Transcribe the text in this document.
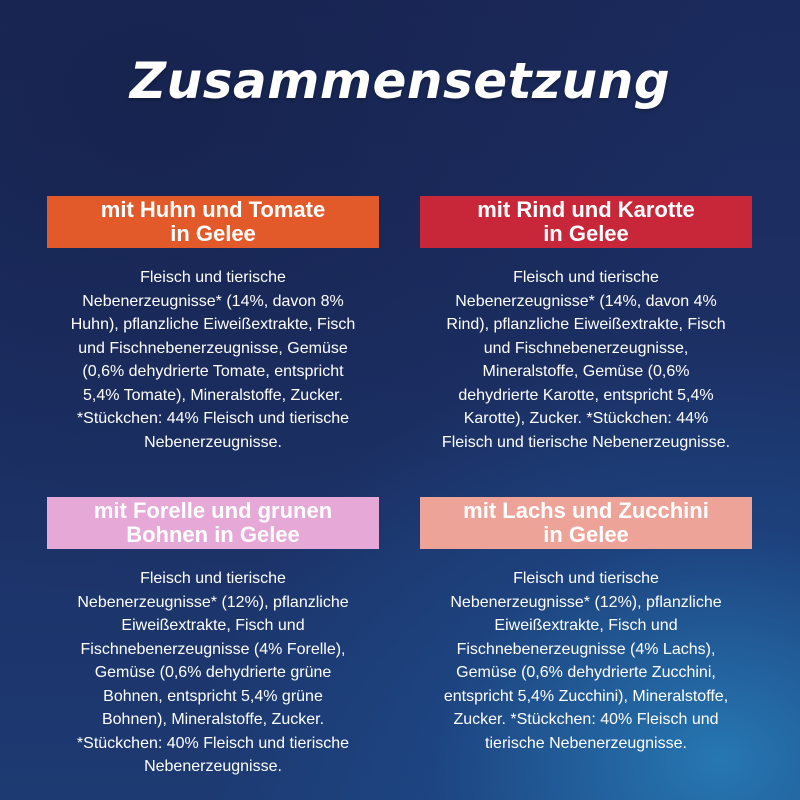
Zusammensetzung
mit Huhn und Tomate
in Gelee
Fleisch und tierische
Nebenerzeugnisse* (14%, davon 8%
Huhn), pflanzliche Eiweißextrakte, Fisch
und Fischnebenerzeugnisse, Gemüse
(0,6% dehydrierte Tomate, entspricht
5,4% Tomate), Mineralstoffe, Zucker.
*Stückchen: 44% Fleisch und tierische
Nebenerzeugnisse.
mit Rind und Karotte
in Gelee
Fleisch und tierische
Nebenerzeugnisse* (14%, davon 4%
Rind), pflanzliche Eiweißextrakte, Fisch
und Fischnebenerzeugnisse,
Mineralstoffe, Gemüse (0,6%
dehydrierte Karotte, entspricht 5,4%
Karotte), Zucker. *Stückchen: 44%
Fleisch und tierische Nebenerzeugnisse.
mit Forelle und grunen
Bohnen in Gelee
Fleisch und tierische
Nebenerzeugnisse* (12%), pflanzliche
Eiweißextrakte, Fisch und
Fischnebenerzeugnisse (4% Forelle),
Gemüse (0,6% dehydrierte grüne
Bohnen, entspricht 5,4% grüne
Bohnen), Mineralstoffe, Zucker.
*Stückchen: 40% Fleisch und tierische
Nebenerzeugnisse.
mit Lachs und Zucchini
in Gelee
Fleisch und tierische
Nebenerzeugnisse* (12%), pflanzliche
Eiweißextrakte, Fisch und
Fischnebenerzeugnisse (4% Lachs),
Gemüse (0,6% dehydrierte Zucchini,
entspricht 5,4% Zucchini), Mineralstoffe,
Zucker. *Stückchen: 40% Fleisch und
tierische Nebenerzeugnisse.
